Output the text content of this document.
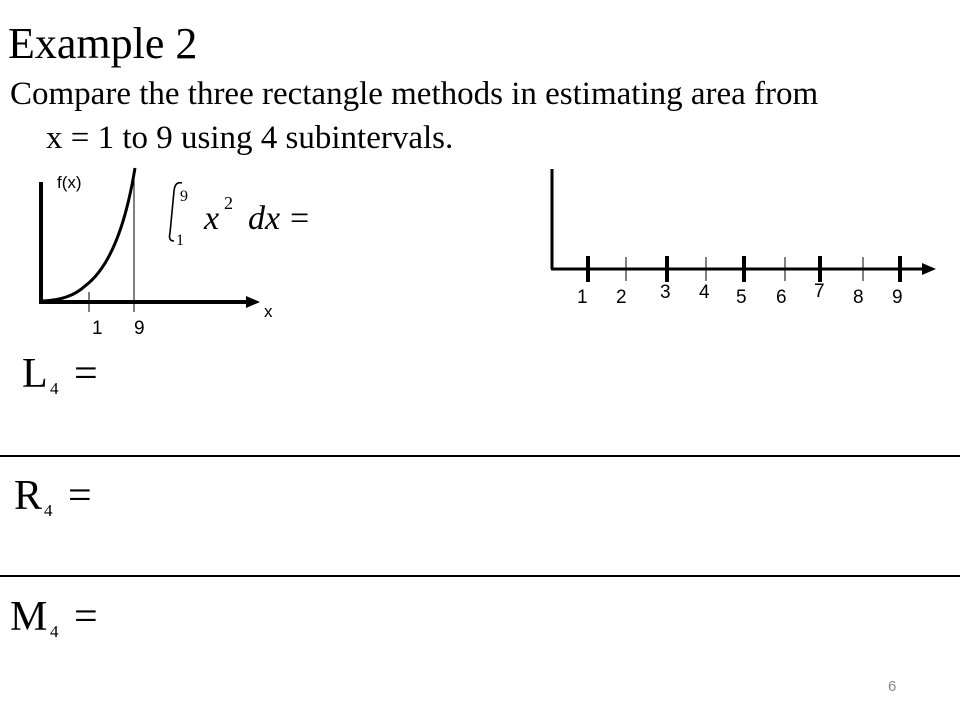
Example 2
Compare the three rectangle methods in estimating area from
x = 1 to 9 using 4 subintervals.
f(x)
x
1 9
9
1
x 2 dx =
1 2 3 4 5 6 7 8 9
L 4 =
R 4 =
M 4 =
6
